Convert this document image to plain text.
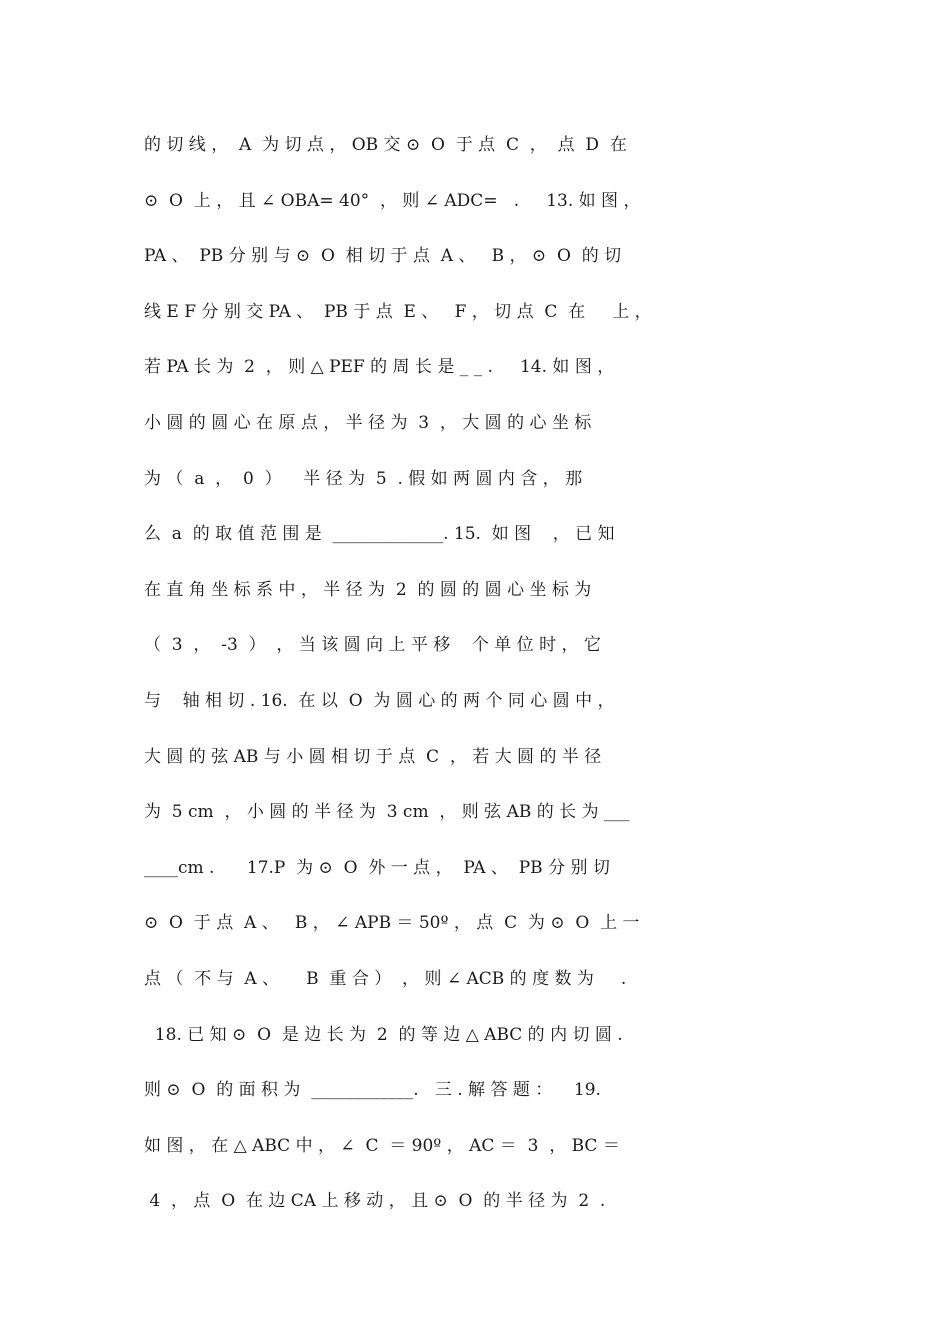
的 切 线 ，  A  为 切 点 ， OB 交 ⊙  O  于 点  C  ，  点  D  在
⊙  O  上 ， 且 ∠ OBA= 40°  ， 则 ∠ ADC=   .     13. 如 图 ，
PA 、  PB 分 别 与 ⊙  O  相 切 于 点  A 、   B ， ⊙  O  的 切
线 E F 分 别 交 PA 、  PB 于 点  E 、   F ， 切 点  C  在     上 ，
若 PA 长 为  2  ， 则 △ PEF 的 周 长 是 _ _ .     14. 如 图 ，
小 圆 的 圆 心 在 原 点 ， 半 径 为  3  ， 大 圆 的 心 坐 标
为 （  a  ，  0  ）    半 径 为  5  . 假 如 两 圆 内 含 ， 那
么  a  的 取 值 范 围 是  _____________. 15.  如 图    ， 已 知
在 直 角 坐 标 系 中 ， 半 径 为  2  的 圆 的 圆 心 坐 标 为
（  3  ，  -3  ）  ， 当 该 圆 向 上 平 移    个 单 位 时 ， 它
与    轴 相 切 . 16.  在 以  O  为 圆 心 的 两 个 同 心 圆 中 ，
大 圆 的 弦 AB 与 小 圆 相 切 于 点  C  ， 若 大 圆 的 半 径
为  5 cm  ， 小 圆 的 半 径 为  3 cm  ， 则 弦 AB 的 长 为 ___
____cm .      17.P  为 ⊙  O  外 一 点 ，  PA 、  PB 分 别 切
⊙  O  于 点  A 、   B ， ∠ APB ＝ 50º ， 点  C  为 ⊙  O  上 一
点 （  不 与  A 、     B  重 合 ）  ， 则 ∠ ACB 的 度 数 为     .
18. 已 知 ⊙  O  是 边 长 为  2  的 等 边 △ ABC 的 内 切 圆 .
则 ⊙  O  的 面 积 为  ____________.   三 . 解 答 题 ：    19.
如 图 ， 在 △ ABC 中 ， ∠  C  ＝ 90º ， AC ＝  3  ， BC ＝
4  ， 点  O  在 边 CA 上 移 动 ， 且 ⊙  O  的 半 径 为  2  .
